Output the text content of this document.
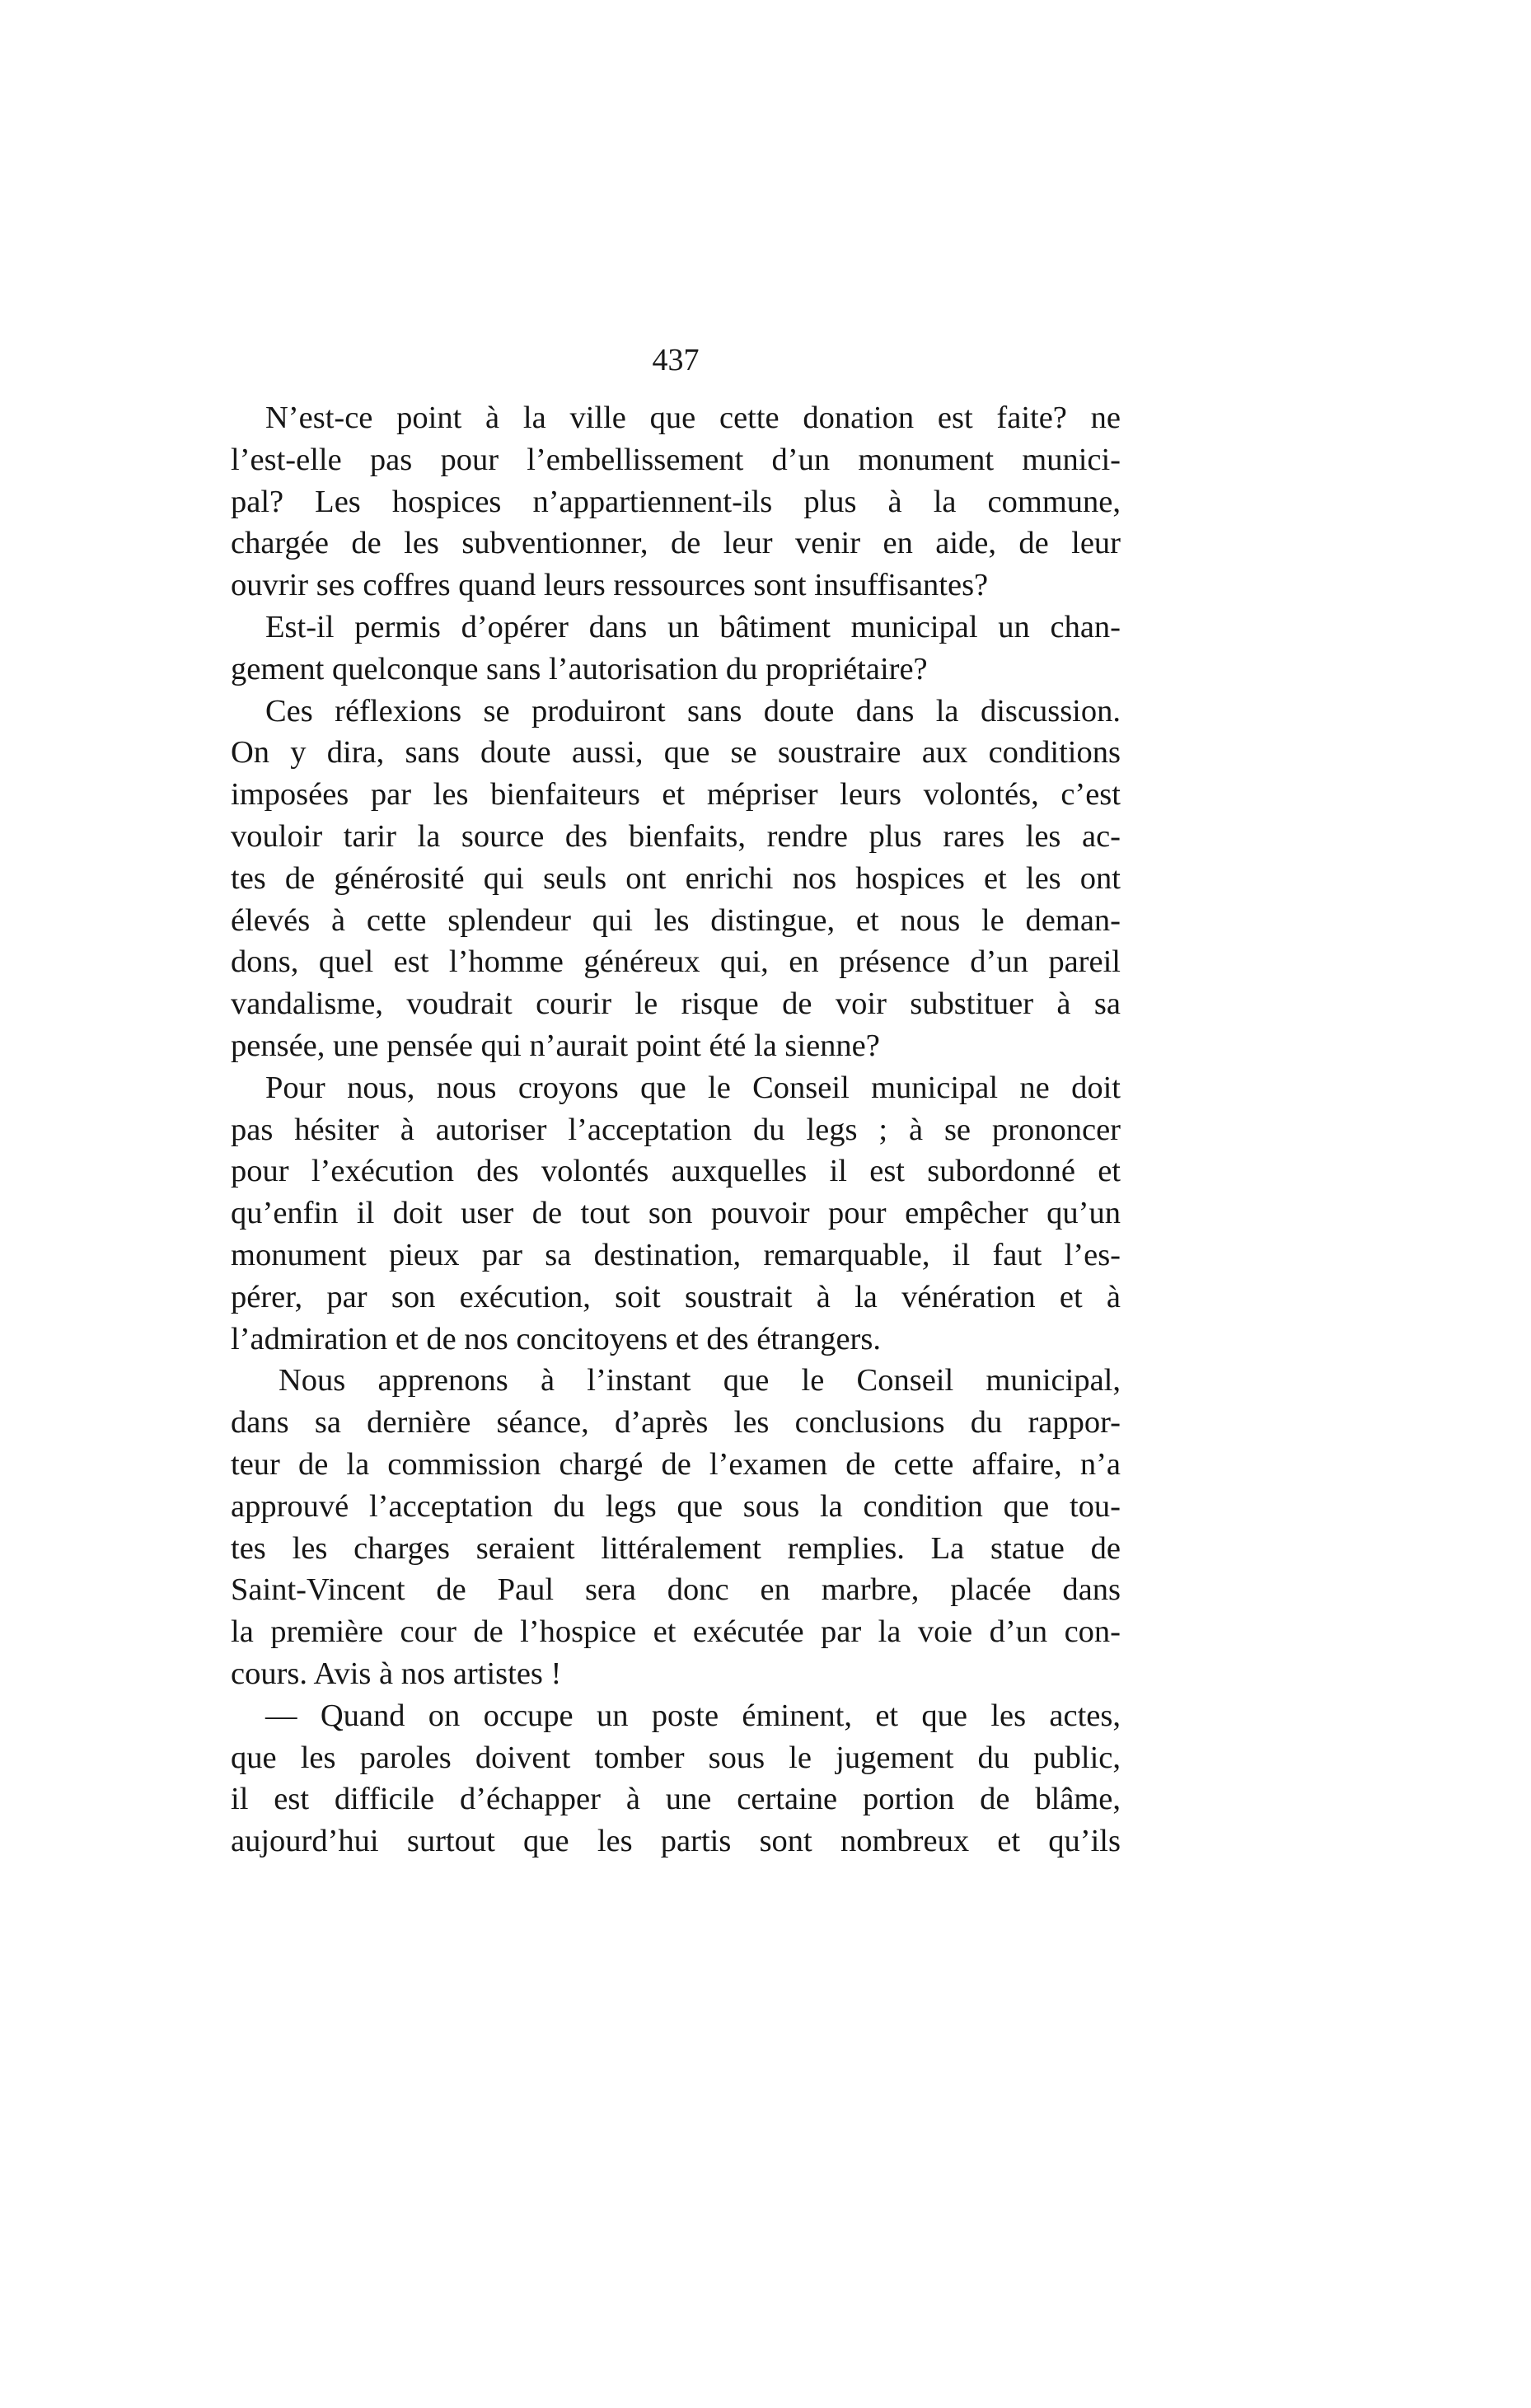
437
N’est-ce point à la ville que cette donation est faite? ne
l’est-elle pas pour l’embellissement d’un monument munici-
pal? Les hospices n’appartiennent-ils plus à la commune,
chargée de les subventionner, de leur venir en aide, de leur
ouvrir ses coffres quand leurs ressources sont insuffisantes?
Est-il permis d’opérer dans un bâtiment municipal un chan-
gement quelconque sans l’autorisation du propriétaire?
Ces réflexions se produiront sans doute dans la discussion.
On y dira, sans doute aussi, que se soustraire aux conditions
imposées par les bienfaiteurs et mépriser leurs volontés, c’est
vouloir tarir la source des bienfaits, rendre plus rares les ac-
tes de générosité qui seuls ont enrichi nos hospices et les ont
élevés à cette splendeur qui les distingue, et nous le deman-
dons, quel est l’homme généreux qui, en présence d’un pareil
vandalisme, voudrait courir le risque de voir substituer à sa
pensée, une pensée qui n’aurait point été la sienne?
Pour nous, nous croyons que le Conseil municipal ne doit
pas hésiter à autoriser l’acceptation du legs ; à se prononcer
pour l’exécution des volontés auxquelles il est subordonné et
qu’enfin il doit user de tout son pouvoir pour empêcher qu’un
monument pieux par sa destination, remarquable, il faut l’es-
pérer, par son exécution, soit soustrait à la vénération et à
l’admiration et de nos concitoyens et des étrangers.
Nous apprenons à l’instant que le Conseil municipal,
dans sa dernière séance, d’après les conclusions du rappor-
teur de la commission chargé de l’examen de cette affaire, n’a
approuvé l’acceptation du legs que sous la condition que tou-
tes les charges seraient littéralement remplies. La statue de
Saint-Vincent de Paul sera donc en marbre, placée dans
la première cour de l’hospice et exécutée par la voie d’un con-
cours. Avis à nos artistes !
— Quand on occupe un poste éminent, et que les actes,
que les paroles doivent tomber sous le jugement du public,
il est difficile d’échapper à une certaine portion de blâme,
aujourd’hui surtout que les partis sont nombreux et qu’ils
